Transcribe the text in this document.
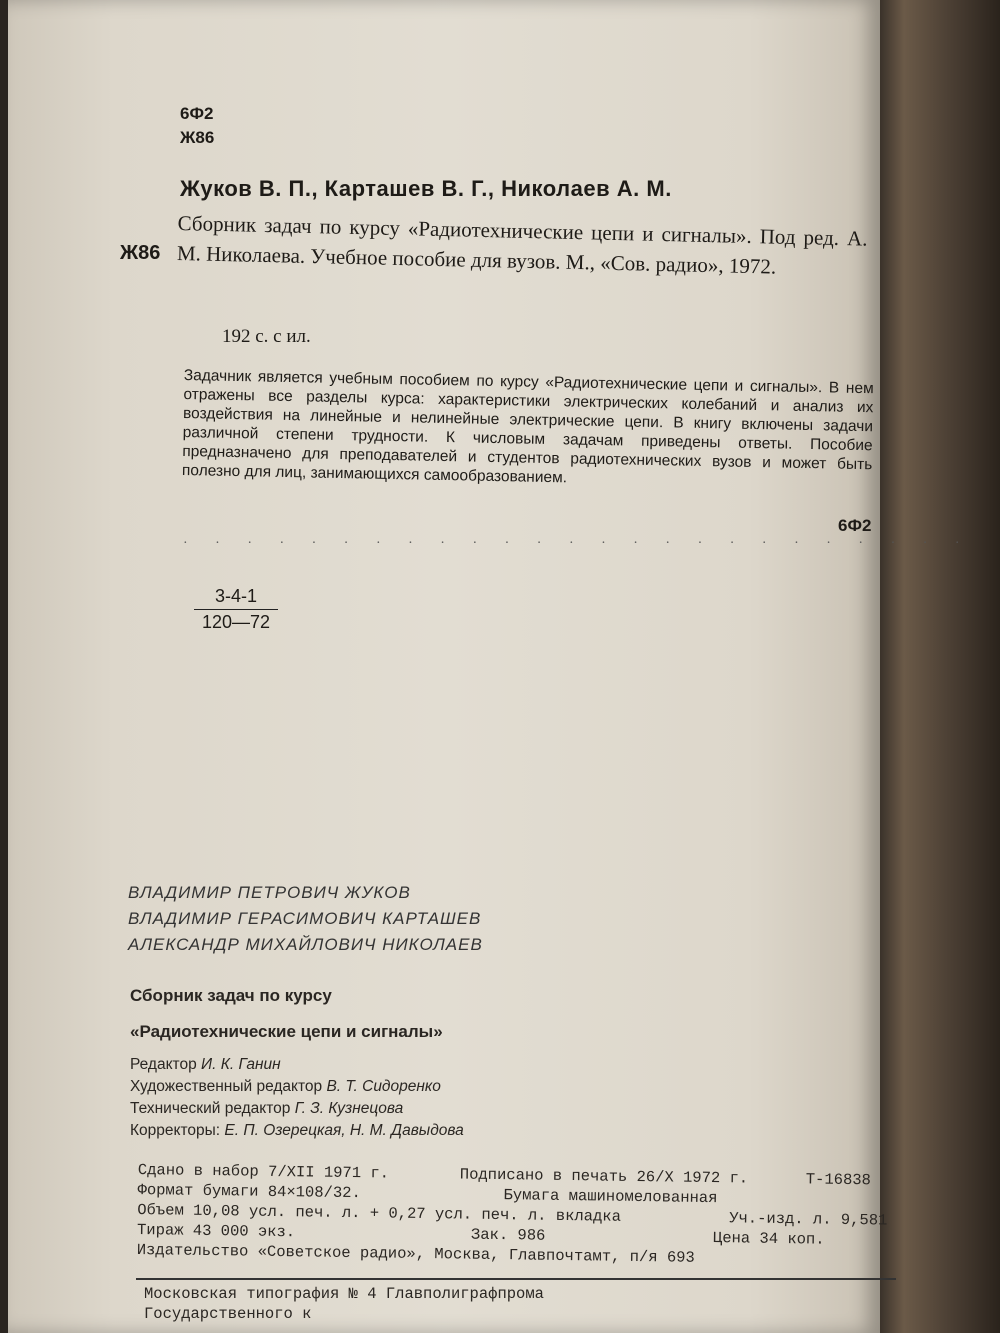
6Ф2
Ж86
Жуков В. П., Карташев В. Г., Николаев А. М.
Ж86

Сборник задач по курсу «Радиотехнические цепи и сигналы». Под ред. А. М. Николаева. Учебное пособие для вузов. М., «Сов. радио», 1972.

192 с. с ил.

Задачник является учебным пособием по курсу «Радиотехнические цепи и сигналы». В нем отражены все разделы курса: характеристики электрических колебаний и анализ их воздействия на линейные и нелинейные электрические цепи. В книгу включены задачи различной степени трудности. К числовым задачам приведены ответы. Пособие предназначено для преподавателей и студентов радиотехнических вузов и может быть полезно для лиц, занимающихся самообразованием.

6Ф2
· · · · · · · · · · · · · · · · · · · · · · · · ·
$\frac{3-4-1}{120—72}$
ВЛАДИМИР ПЕТРОВИЧ ЖУКОВ
ВЛАДИМИР ГЕРАСИМОВИЧ КАРТАШЕВ
АЛЕКСАНДР МИХАЙЛОВИЧ НИКОЛАЕВ
Сборник задач по курсу
«Радиотехнические цепи и сигналы»
Редактор И. К. Ганин
Художественный редактор В. Т. Сидоренко
Технический редактор Г. З. Кузнецова
Корректоры: Е. П. Озерецкая, Н. М. Давыдова
Сдано в набор 7/XII 1971 г.	Подписано в печать 26/X 1972 г.	Т-16838
Формат бумаги 84×108/32.	Бумага машиномелованная
Объем 10,08 усл. печ. л. + 0,27 усл. печ. л. вкладка	Уч.-изд. л. 9,581
Тираж 43 000 экз.	Зак. 986	Цена 34 коп.
Издательство «Советское радио», Москва, Главпочтамт, п/я 693
Московская типография № 4 Главполиграфпрома
Государственного к
